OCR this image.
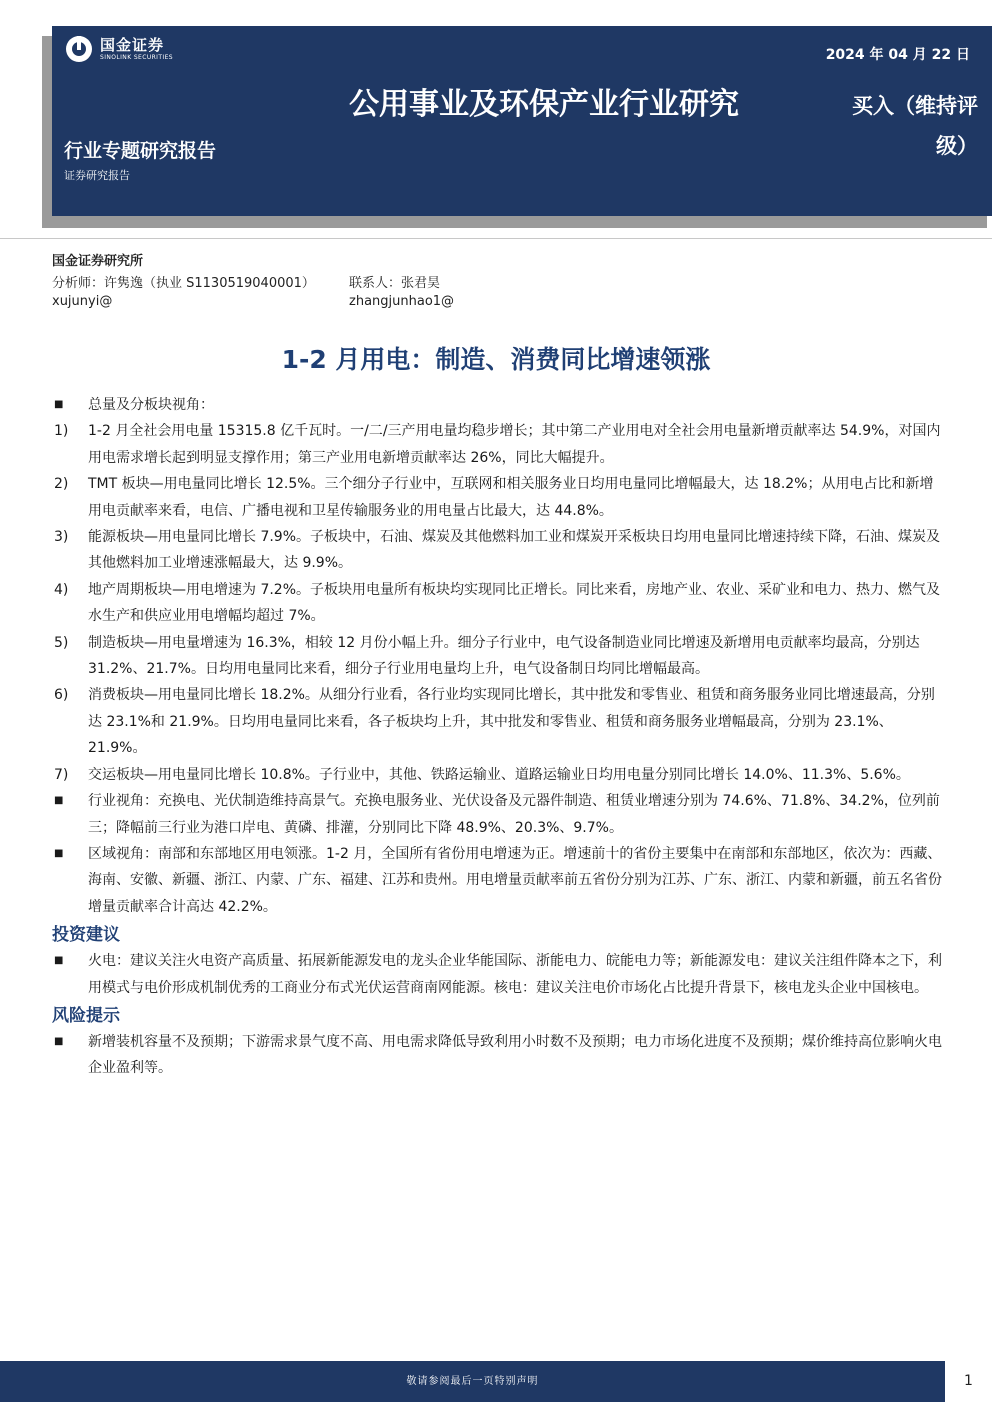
国金证券
SINOLINK SECURITIES
行业专题研究报告
证券研究报告
公用事业及环保产业行业研究
2024 年 04 月 22 日
买入（维持评级）
国金证券研究所
分析师：许隽逸（执业 S1130519040001）	联系人：张君昊
xujunyi@	zhangjunhao1@
1-2 月用电：制造、消费同比增速领涨
■ 总量及分板块视角：
1) 1-2 月全社会用电量 15315.8 亿千瓦时。一/二/三产用电量均稳步增长；其中第二产业用电对全社会用电量新增贡献率达 54.9%，对国内用电需求增长起到明显支撑作用；第三产业用电新增贡献率达 26%，同比大幅提升。
2) TMT 板块—用电量同比增长 12.5%。三个细分子行业中，互联网和相关服务业日均用电量同比增幅最大，达 18.2%；从用电占比和新增用电贡献率来看，电信、广播电视和卫星传输服务业的用电量占比最大，达 44.8%。
3) 能源板块—用电量同比增长 7.9%。子板块中，石油、煤炭及其他燃料加工业和煤炭开采板块日均用电量同比增速持续下降，石油、煤炭及其他燃料加工业增速涨幅最大，达 9.9%。
4) 地产周期板块—用电增速为 7.2%。子板块用电量所有板块均实现同比正增长。同比来看，房地产业、农业、采矿业和电力、热力、燃气及水生产和供应业用电增幅均超过 7%。
5) 制造板块—用电量增速为 16.3%，相较 12 月份小幅上升。细分子行业中，电气设备制造业同比增速及新增用电贡献率均最高，分别达 31.2%、21.7%。日均用电量同比来看，细分子行业用电量均上升，电气设备制日均同比增幅最高。
6) 消费板块—用电量同比增长 18.2%。从细分行业看，各行业均实现同比增长，其中批发和零售业、租赁和商务服务业同比增速最高，分别达 23.1%和 21.9%。日均用电量同比来看，各子板块均上升，其中批发和零售业、租赁和商务服务业增幅最高，分别为 23.1%、21.9%。
7) 交运板块—用电量同比增长 10.8%。子行业中，其他、铁路运输业、道路运输业日均用电量分别同比增长 14.0%、11.3%、5.6%。
■ 行业视角：充换电、光伏制造维持高景气。充换电服务业、光伏设备及元器件制造、租赁业增速分别为 74.6%、71.8%、34.2%，位列前三；降幅前三行业为港口岸电、黄磷、排灌，分别同比下降 48.9%、20.3%、9.7%。
■ 区域视角：南部和东部地区用电领涨。1-2 月，全国所有省份用电增速为正。增速前十的省份主要集中在南部和东部地区，依次为：西藏、海南、安徽、新疆、浙江、内蒙、广东、福建、江苏和贵州。用电增量贡献率前五省份分别为江苏、广东、浙江、内蒙和新疆，前五名省份增量贡献率合计高达 42.2%。
投资建议
■ 火电：建议关注火电资产高质量、拓展新能源发电的龙头企业华能国际、浙能电力、皖能电力等；新能源发电：建议关注组件降本之下，利用模式与电价形成机制优秀的工商业分布式光伏运营商南网能源。核电：建议关注电价市场化占比提升背景下，核电龙头企业中国核电。
风险提示
■ 新增装机容量不及预期；下游需求景气度不高、用电需求降低导致利用小时数不及预期；电力市场化进度不及预期；煤价维持高位影响火电企业盈利等。
敬请参阅最后一页特别声明	1
